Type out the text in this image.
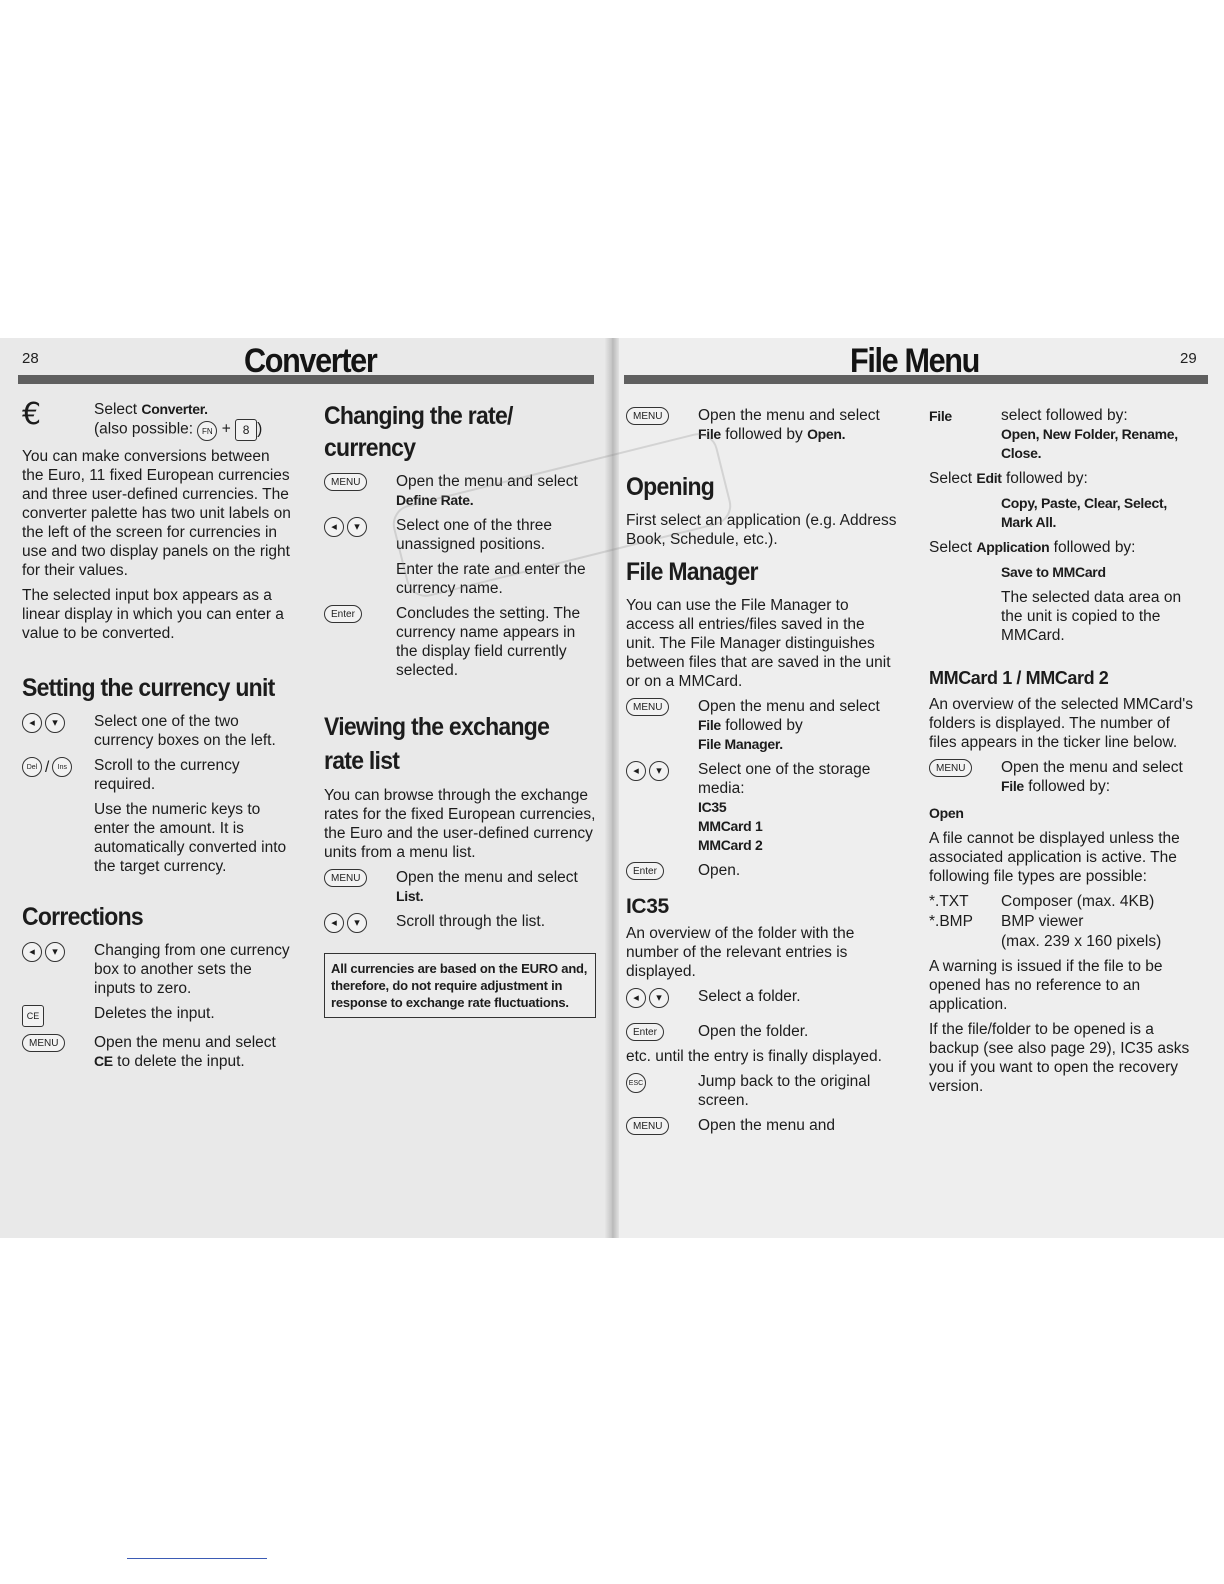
28	Converter	29
File Menu
€	Select Converter.
(also possible: FN + 8 )

You can make conversions between the Euro, 11 fixed European currencies and three user-defined currencies. The converter palette has two unit labels on the left of the screen for currencies in use and two display panels on the right for their values.

The selected input box appears as a linear display in which you can enter a value to be converted.

Setting the currency unit
◂	▾	Select one of the two currency boxes on the left.
Del /	Ins	Scroll to the currency required.
Use the numeric keys to enter the amount. It is automatically converted into the target currency.
Corrections
◂	▾	Changing from one currency box to another sets the inputs to zero.
CE	Deletes the input.
MENU	Open the menu and select CE to delete the input.
Changing the rate/
currency
MENU	Open the menu and select
Define Rate.
◂	▾	Select one of the three unassigned positions.
Enter the rate and enter the currency name.
Enter	Concludes the setting. The currency name appears in the display field currently selected.
Viewing the exchange
rate list

You can browse through the exchange rates for the fixed European currencies, the Euro and the user-defined currency units from a menu list.

MENU	Open the menu and select
List.
◂	▾	Scroll through the list.
All currencies are based on the EURO and, therefore, do not require adjustment in response to exchange rate fluctuations.
MENU	Open the menu and select
File followed by Open.
Opening

First select an application (e.g. Address Book, Schedule, etc.).

File Manager

You can use the File Manager to access all entries/files saved in the unit. The File Manager distinguishes between files that are saved in the unit or on a MMCard.

MENU	Open the menu and select
File followed by
File Manager.
◂	▾	Select one of the storage media:
IC35
MMCard 1
MMCard 2
Enter	Open.
IC35

An overview of the folder with the number of the relevant entries is displayed.

◂	▾	Select a folder.
Enter	Open the folder.

etc. until the entry is finally displayed.

ESC	Jump back to the original screen.
MENU	Open the menu and
File	select followed by:
Open, New Folder, Rename, Close.
Select Edit followed by:
Copy, Paste, Clear, Select, Mark All.
Select Application followed by:
Save to MMCard
The selected data area on the unit is copied to the MMCard.
MMCard 1 / MMCard 2

An overview of the selected MMCard's folders is displayed. The number of files appears in the ticker line below.

MENU	Open the menu and select
File followed by:
Open

A file cannot be displayed unless the associated application is active. The following file types are possible:

*.TXT	Composer (max. 4KB)
*.BMP	BMP viewer
(max. 239 x 160 pixels)

A warning is issued if the file to be opened has no reference to an application.

If the file/folder to be opened is a backup (see also page 29), IC35 asks you if you want to open the recovery version.
